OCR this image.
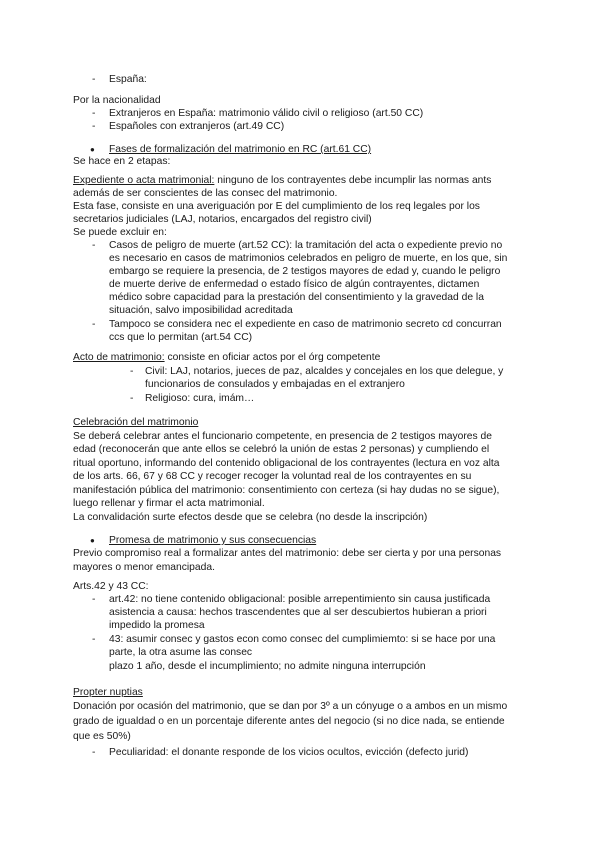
- España:
Por la nacionalidad
- Extranjeros en España: matrimonio válido civil o religioso (art.50 CC)
- Españoles con extranjeros (art.49 CC)
● Fases de formalización del matrimonio en RC (art.61 CC)
Se hace en 2 etapas:
Expediente o acta matrimonial: ninguno de los contrayentes debe incumplir las normas ants
además de ser conscientes de las consec del matrimonio.
Esta fase, consiste en una averiguación por E del cumplimiento de los req legales por los
secretarios judiciales (LAJ, notarios, encargados del registro civil)
Se puede excluir en:
- Casos de peligro de muerte (art.52 CC): la tramitación del acta o expediente previo no
es necesario en casos de matrimonios celebrados en peligro de muerte, en los que, sin
embargo se requiere la presencia, de 2 testigos mayores de edad y, cuando le peligro
de muerte derive de enfermedad o estado físico de algún contrayentes, dictamen
médico sobre capacidad para la prestación del consentimiento y la gravedad de la
situación, salvo imposibilidad acreditada
- Tampoco se considera nec el expediente en caso de matrimonio secreto cd concurran
ccs que lo permitan (art.54 CC)
Acto de matrimonio: consiste en oficiar actos por el órg competente
- Civil: LAJ, notarios, jueces de paz, alcaldes y concejales en los que delegue, y
funcionarios de consulados y embajadas en el extranjero
- Religioso: cura, imám…
Celebración del matrimonio
Se deberá celebrar antes el funcionario competente, en presencia de 2 testigos mayores de
edad (reconocerán que ante ellos se celebró la unión de estas 2 personas) y cumpliendo el
ritual oportuno, informando del contenido obligacional de los contrayentes (lectura en voz alta
de los arts. 66, 67 y 68 CC y recoger recoger la voluntad real de los contrayentes en su
manifestación pública del matrimonio: consentimiento con certeza (si hay dudas no se sigue),
luego rellenar y firmar el acta matrimonial.
La convalidación surte efectos desde que se celebra (no desde la inscripción)
● Promesa de matrimonio y sus consecuencias
Previo compromiso real a formalizar antes del matrimonio: debe ser cierta y por una personas
mayores o menor emancipada.
Arts.42 y 43 CC:
- art.42: no tiene contenido obligacional: posible arrepentimiento sin causa justificada
asistencia a causa: hechos trascendentes que al ser descubiertos hubieran a priori
impedido la promesa
- 43: asumir consec y gastos econ como consec del cumplimiemto: si se hace por una
parte, la otra asume las consec
plazo 1 año, desde el incumplimiento; no admite ninguna interrupción
Propter nuptias
Donación por ocasión del matrimonio, que se dan por 3º a un cónyuge o a ambos en un mismo
grado de igualdad o en un porcentaje diferente antes del negocio (si no dice nada, se entiende
que es 50%)
- Peculiaridad: el donante responde de los vicios ocultos, evicción (defecto jurid)
